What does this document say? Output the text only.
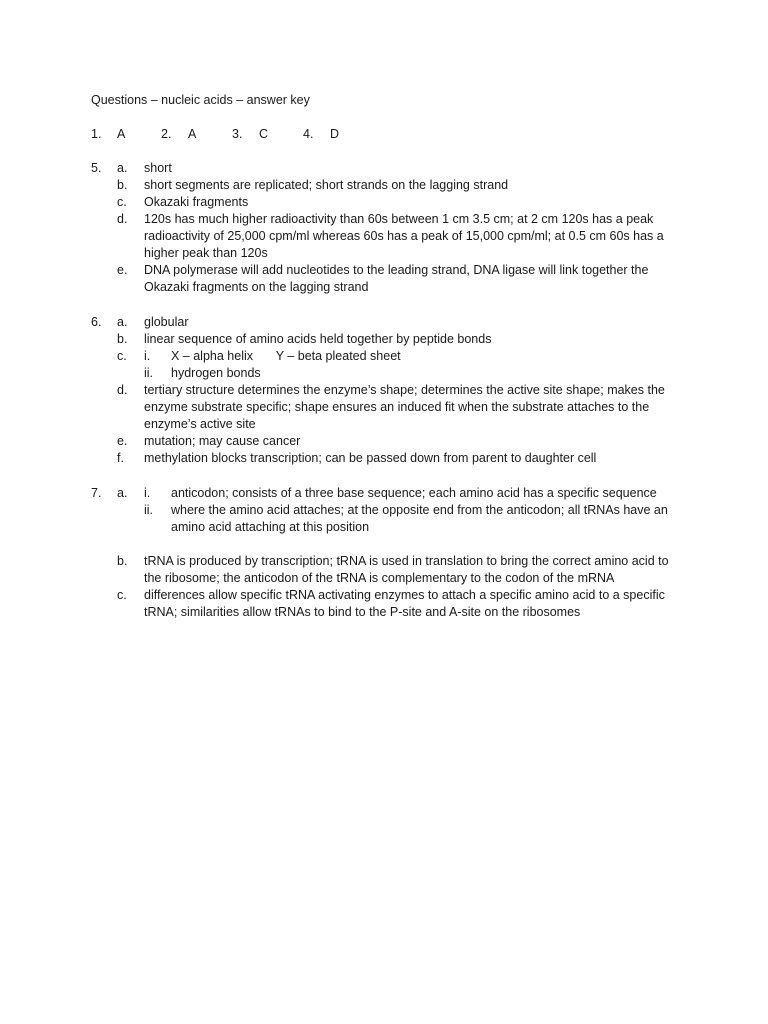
Questions – nucleic acids – answer key
1. A	2. A	3. C	4. D
5. a. short
b. short segments are replicated; short strands on the lagging strand
c. Okazaki fragments
d. 120s has much higher radioactivity than 60s between 1 cm 3.5 cm; at 2 cm 120s has a peak radioactivity of 25,000 cpm/ml whereas 60s has a peak of 15,000 cpm/ml; at 0.5 cm 60s has a higher peak than 120s
e. DNA polymerase will add nucleotides to the leading strand, DNA ligase will link together the Okazaki fragments on the lagging strand
6. a. globular
b. linear sequence of amino acids held together by peptide bonds
c. i. X – alpha helix Y – beta pleated sheet
ii. hydrogen bonds
d. tertiary structure determines the enzyme’s shape; determines the active site shape; makes the enzyme substrate specific; shape ensures an induced fit when the substrate attaches to the enzyme’s active site
e. mutation; may cause cancer
f. methylation blocks transcription; can be passed down from parent to daughter cell
7. a. i. anticodon; consists of a three base sequence; each amino acid has a specific sequence
ii. where the amino acid attaches; at the opposite end from the anticodon; all tRNAs have an amino acid attaching at this position
b. tRNA is produced by transcription; tRNA is used in translation to bring the correct amino acid to the ribosome; the anticodon of the tRNA is complementary to the codon of the mRNA
c. differences allow specific tRNA activating enzymes to attach a specific amino acid to a specific tRNA; similarities allow tRNAs to bind to the P-site and A-site on the ribosomes
